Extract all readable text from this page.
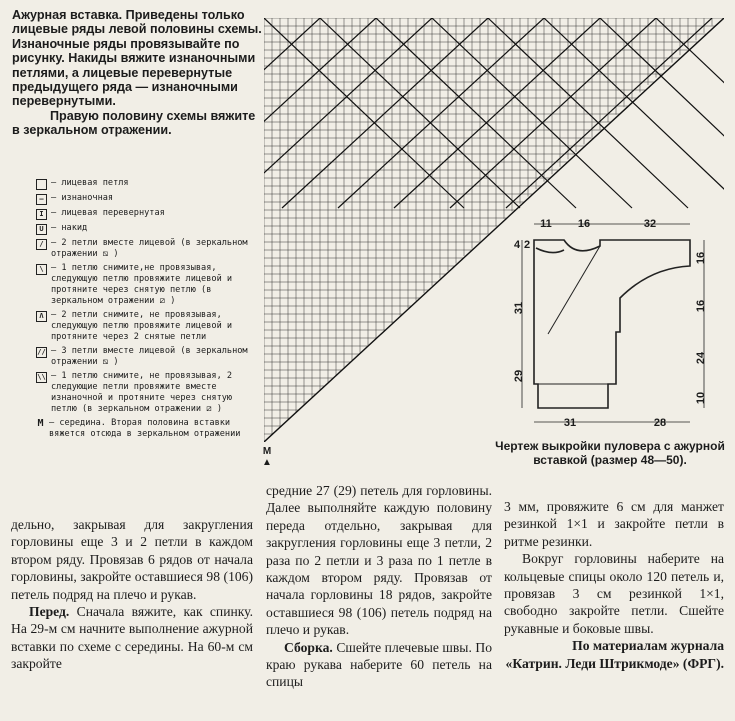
Ажурная вставка. Приведены только лицевые ряды левой половины схемы. Изнаночные ряды провязывайте по рисунку. Накиды вяжите изнаночными петлями, а лицевые перевернутые предыдущего ряда — изнаночными перевернутыми.

Правую половину схемы вяжите в зеркальном отражении.

– лицевая петля
– – изнаночная
I – лицевая перевернутая
U – накид
/ – 2 петли вместе лицевой (в зеркальном отражении ⧅ )
\ – 1 петлю снимите,не провязывая, следующую петлю провяжите лицевой и протяните через снятую петлю (в зеркальном отражении ⧄ )
Λ – 2 петли снимите, не провязывая, следующую петлю провяжите лицевой и протяните через 2 снятые петли
// – 3 петли вместе лицевой (в зеркальном отражении ⧅ )
\\ – 1 петлю снимите, не провязывая, 2 следующие петли провяжите вместе изнаночной и протяните через снятую петлю (в зеркальном отражении ⧄ )
М – середина. Вторая половина вставки вяжется отсюда в зеркальном отражении
М
▲

дельно, закрывая для закругления горловины еще 3 и 2 петли в каждом втором ряду. Провязав 6 рядов от начала горловины, закройте оставшиеся 98 (106) петель подряд на плечо и рукав.

Перед. Сначала вяжите, как спинку. На 29-м см начните выполнение ажурной вставки по схеме с середины. На 60-м см закройте

средние 27 (29) петель для горловины. Далее выполняйте каждую половину переда отдельно, закрывая для закругления горловины еще 3 петли, 2 раза по 2 петли и 3 раза по 1 петле в каждом втором ряду. Провязав от начала горловины 18 рядов, закройте оставшиеся 98 (106) петель подряд на плечо и рукав.

Сборка. Сшейте плечевые швы. По краю рукава наберите 60 петель на спицы

3 мм, провяжите 6 см для манжет резинкой 1×1 и закройте петли в ритме резинки.

Вокруг горловины наберите на кольцевые спицы около 120 петель и, провязав 3 см резинкой 1×1, свободно закройте петли. Сшейте рукавные и боковые швы.

По материалам журнала

«Катрин. Леди Штрикмоде» (ФРГ).

11 16	32
4 2
31
29
16
16
24
10
31	28
Чертеж выкройки пуловера с ажурной вставкой (размер 48—50).
